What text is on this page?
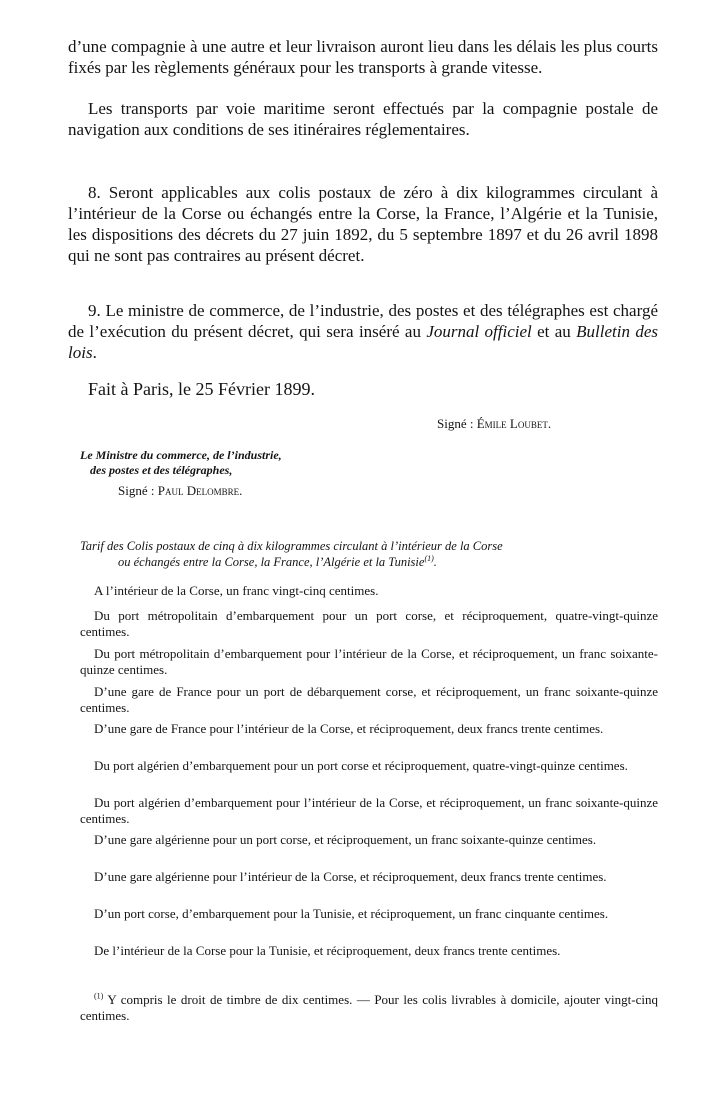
d’une compagnie à une autre et leur livraison auront lieu dans les délais les plus courts fixés par les règlements généraux pour les transports à grande vitesse.

Les transports par voie maritime seront effectués par la compagnie postale de navigation aux conditions de ses itinéraires réglementaires.

8. Seront applicables aux colis postaux de zéro à dix kilogrammes circulant à l’intérieur de la Corse ou échangés entre la Corse, la France, l’Algérie et la Tunisie, les dispositions des décrets du 27 juin 1892, du 5 septembre 1897 et du 26 avril 1898 qui ne sont pas contraires au présent décret.

9. Le ministre de commerce, de l’industrie, des postes et des télégraphes est chargé de l’exécution du présent décret, qui sera inséré au Journal officiel et au Bulletin des lois.

Fait à Paris, le 25 Février 1899.

Signé : Émile Loubet.

Le Ministre du commerce, de l’industrie,

des postes et des télégraphes,

Signé : Paul Delombre.

Tarif des Colis postaux de cinq à dix kilogrammes circulant à l’intérieur de la Corse

ou échangés entre la Corse, la France, l’Algérie et la Tunisie$^{(1)}$.

A l’intérieur de la Corse, un franc vingt-cinq centimes.

Du port métropolitain d’embarquement pour un port corse, et réciproquement, quatre-vingt-quinze centimes.

Du port métropolitain d’embarquement pour l’intérieur de la Corse, et réciproquement, un franc soixante-quinze centimes.

D’une gare de France pour un port de débarquement corse, et réciproquement, un franc soixante-quinze centimes.

D’une gare de France pour l’intérieur de la Corse, et réciproquement, deux francs trente centimes.

Du port algérien d’embarquement pour un port corse et réciproquement, quatre-vingt-quinze centimes.

Du port algérien d’embarquement pour l’intérieur de la Corse, et réciproquement, un franc soixante-quinze centimes.

D’une gare algérienne pour un port corse, et réciproquement, un franc soixante-quinze centimes.

D’une gare algérienne pour l’intérieur de la Corse, et réciproquement, deux francs trente centimes.

D’un port corse, d’embarquement pour la Tunisie, et réciproquement, un franc cinquante centimes.

De l’intérieur de la Corse pour la Tunisie, et réciproquement, deux francs trente centimes.

$^{(1)}$ Y compris le droit de timbre de dix centimes. — Pour les colis livrables à domicile, ajouter vingt-cinq centimes.
